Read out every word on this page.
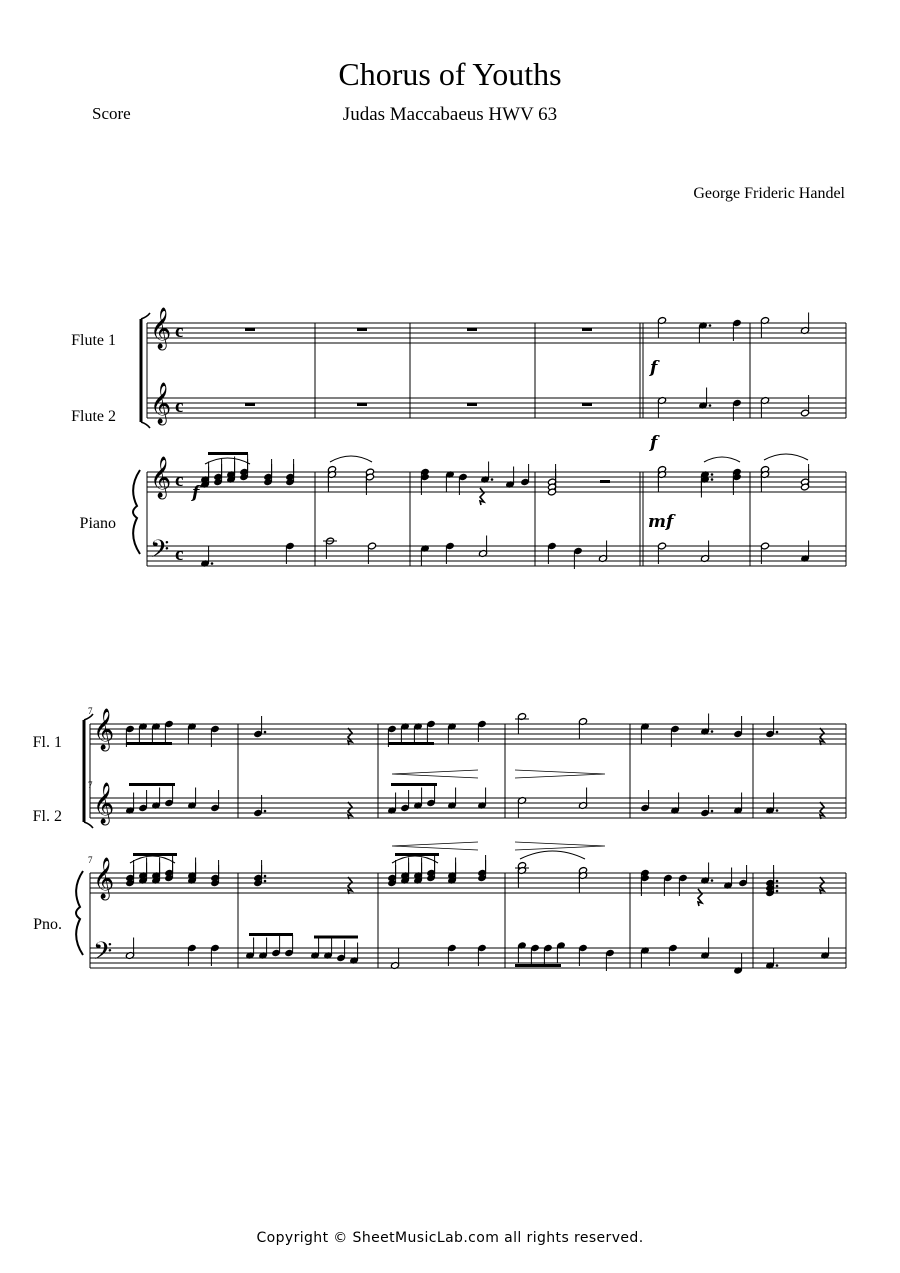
Chorus of Youths
Judas Maccabaeus HWV 63
Score
George Frideric Handel
Flute 1
Flute 2
Piano
Fl. 1
Fl. 2
Pno.
𝄞 c
𝄞 c
𝄞 c
𝄢 c
f
f
f
mf
𝄞
𝄞
𝄞
𝄢
7
7
7
Copyright © SheetMusicLab.com all rights reserved.
